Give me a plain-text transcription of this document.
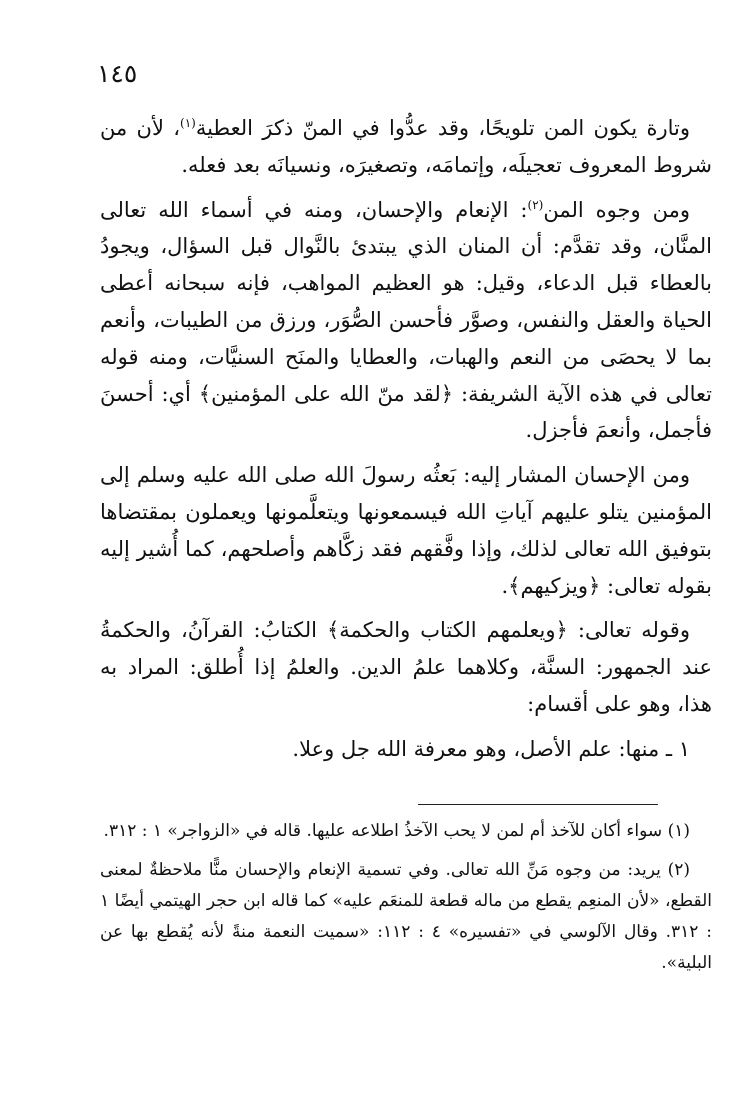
١٤٥

وتارة يكون المن تلويحًا، وقد عدُّوا في المنّ ذكرَ العطية$^{(١)}$، لأن من شروط المعروف تعجيلَه، وإتمامَه، وتصغيرَه، ونسيانَه بعد فعله.

ومن وجوه المن$^{(٢)}$: الإنعام والإحسان، ومنه في أسماء الله تعالى المنَّان، وقد تقدَّم: أن المنان الذي يبتدئ بالنَّوال قبل السؤال، ويجودُ بالعطاء قبل الدعاء، وقيل: هو العظيم المواهب، فإنه سبحانه أعطى الحياة والعقل والنفس، وصوَّر فأحسن الصُّوَر، ورزق من الطيبات، وأنعم بما لا يحصَى من النعم والهبات، والعطايا والمنَح السنيَّات، ومنه قوله تعالى في هذه الآية الشريفة: ﴿لقد منّ الله على المؤمنين﴾ أي: أحسنَ فأجمل، وأنعمَ فأجزل.

ومن الإحسان المشار إليه: بَعثُه رسولَ الله صلى الله عليه وسلم إلى المؤمنين يتلو عليهم آياتِ الله فيسمعونها ويتعلَّمونها ويعملون بمقتضاها بتوفيق الله تعالى لذلك، وإذا وفَّقهم فقد زكَّاهم وأصلحهم، كما أُشير إليه بقوله تعالى: ﴿ويزكيهم﴾.

وقوله تعالى: ﴿ويعلمهم الكتاب والحكمة﴾ الكتابُ: القرآنُ، والحكمةُ عند الجمهور: السنَّة، وكلاهما علمُ الدين. والعلمُ إذا أُطلق: المراد به هذا، وهو على أقسام:

١ ـ منها: علم الأصل، وهو معرفة الله جل وعلا.

(١) سواء أكان للآخذ أم لمن لا يحب الآخذُ اطلاعه عليها. قاله في «الزواجر» ١ : ٣١٢.

(٢) يريد: من وجوه مَنِّ الله تعالى. وفي تسمية الإنعام والإحسان منًّا ملاحظةٌ لمعنى القطع، «لأن المنعِم يقطع من ماله قطعة للمنعَم عليه» كما قاله ابن حجر الهيتمي أيضًا ١ : ٣١٢. وقال الآلوسي في «تفسيره» ٤ : ١١٢: «سميت النعمة منةً لأنه يُقطع بها عن البلية».
